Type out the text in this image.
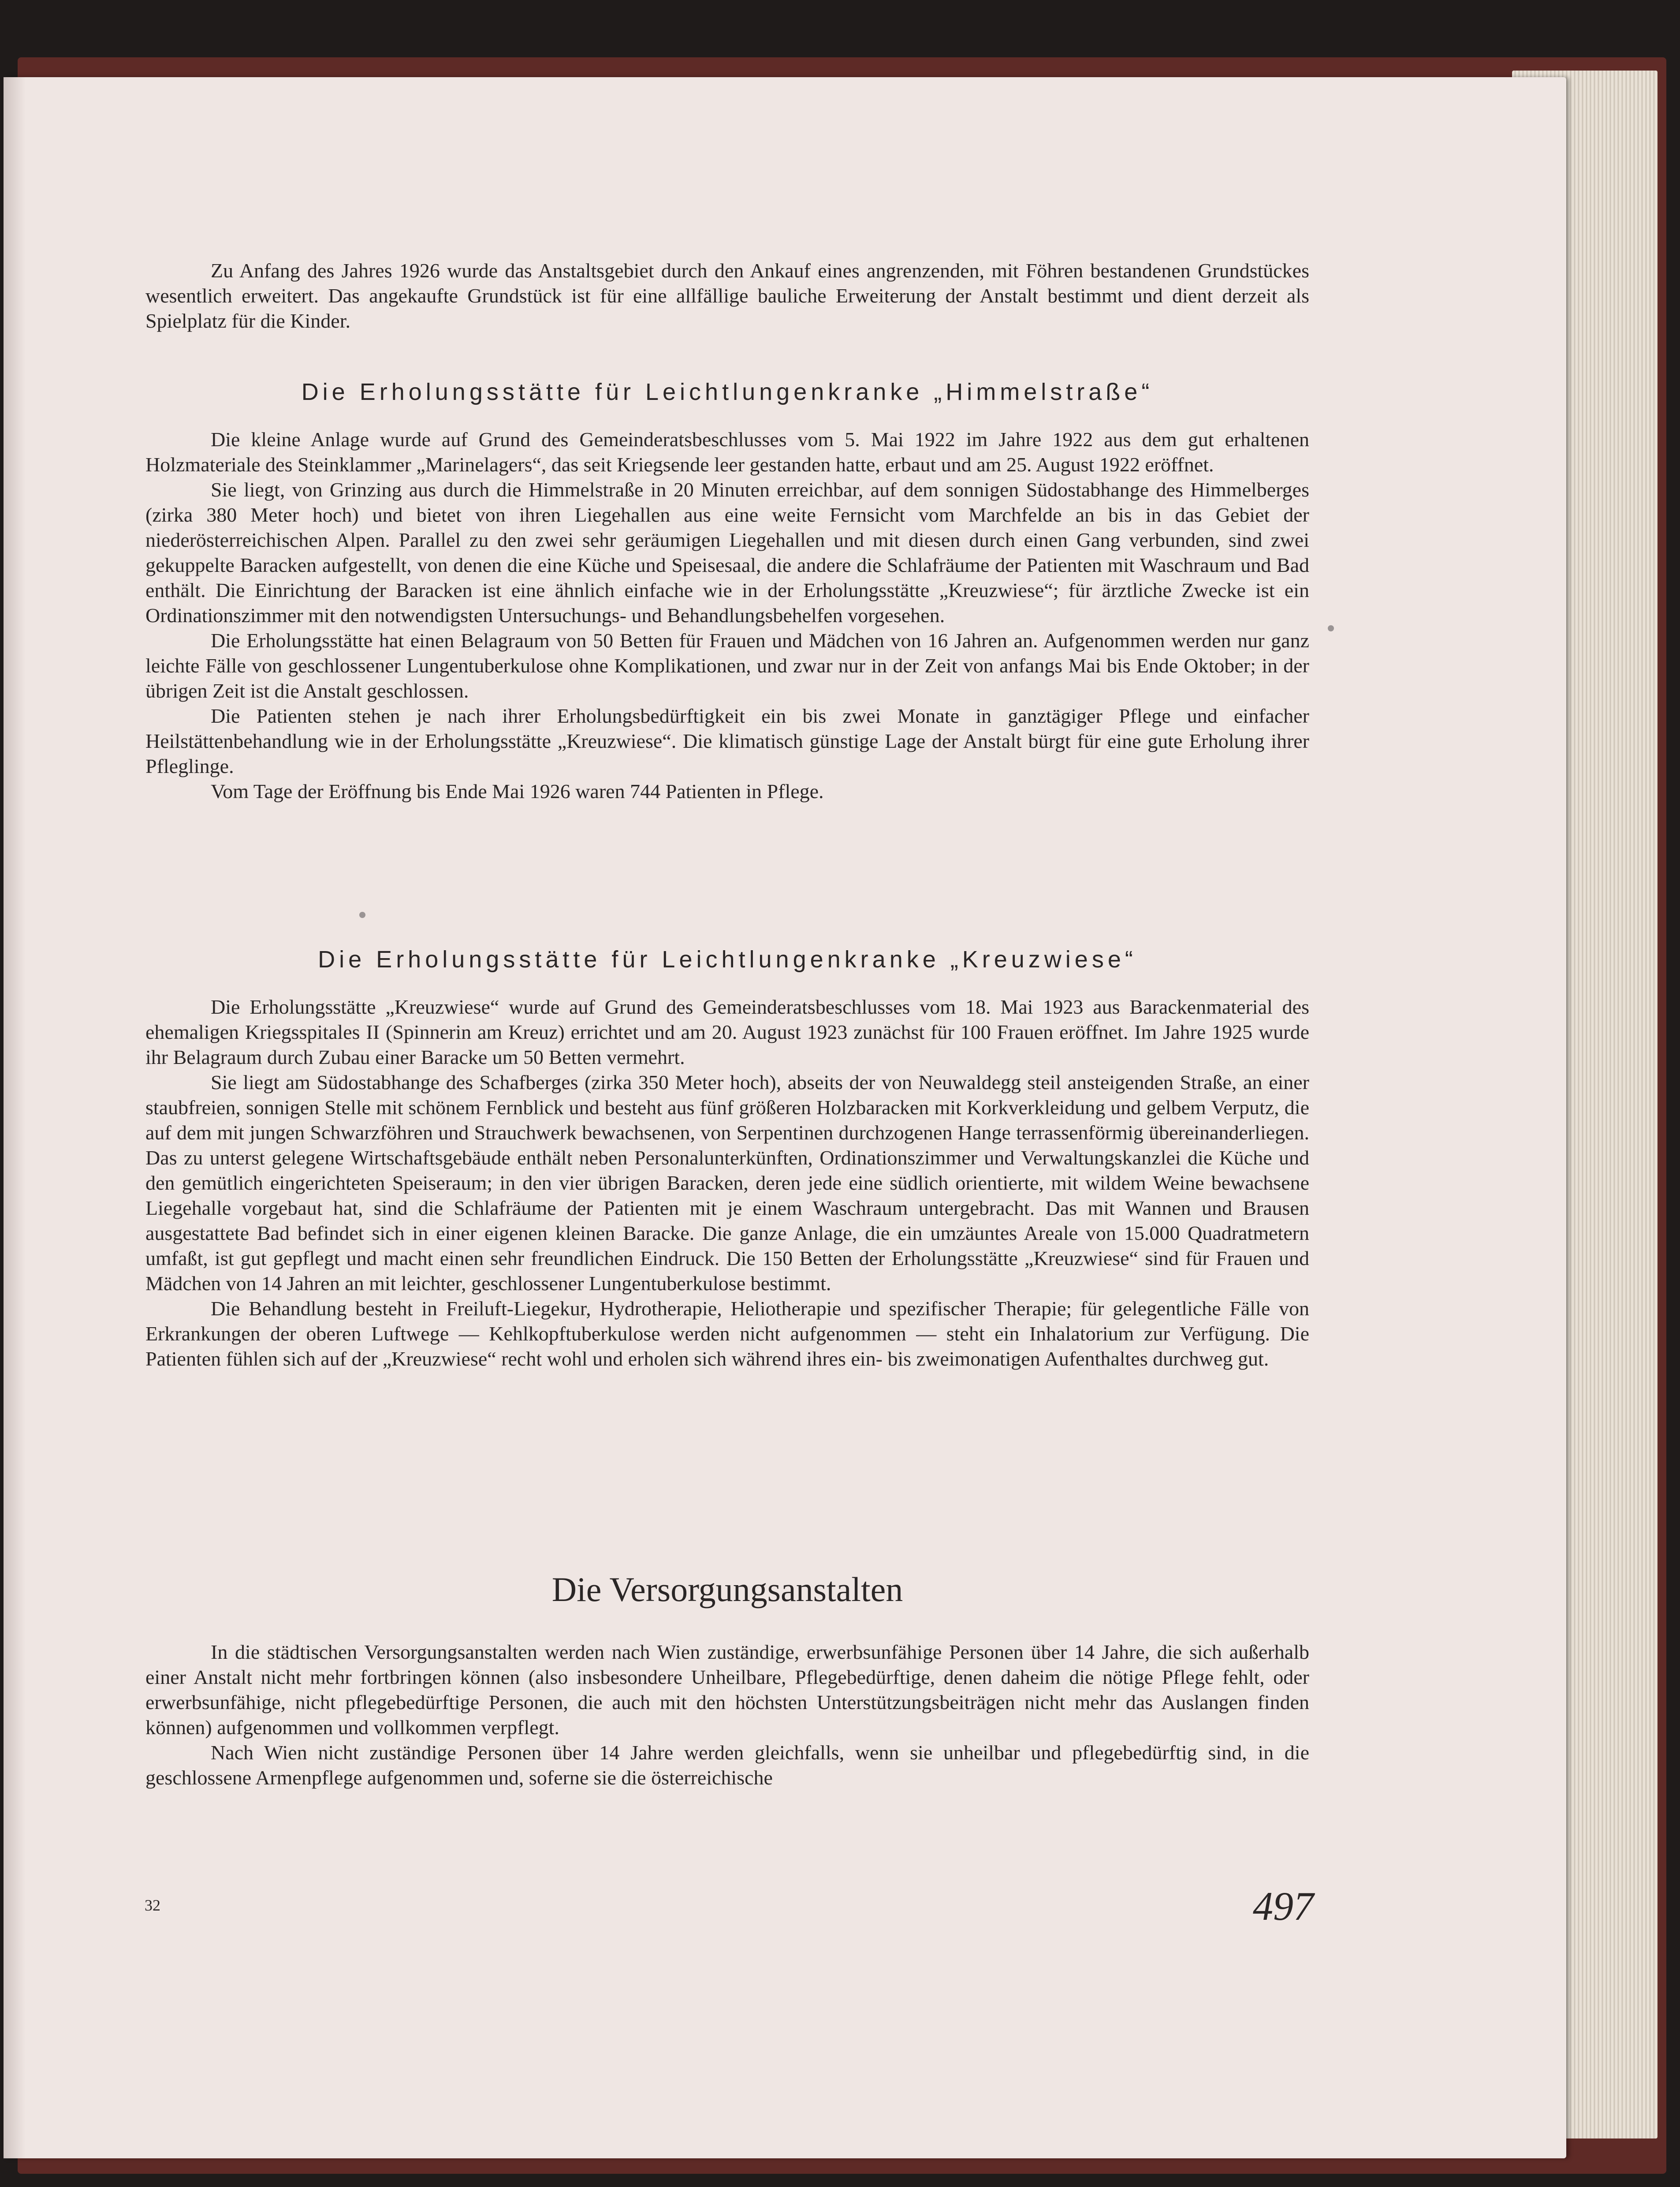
Zu Anfang des Jahres 1926 wurde das Anstaltsgebiet durch den Ankauf eines angrenzenden, mit Föhren bestandenen Grundstückes wesentlich erweitert. Das angekaufte Grundstück ist für eine allfällige bauliche Erweiterung der Anstalt bestimmt und dient derzeit als Spielplatz für die Kinder.

Die Erholungsstätte für Leichtlungenkranke „Himmelstraße“

Die kleine Anlage wurde auf Grund des Gemeinderatsbeschlusses vom 5. Mai 1922 im Jahre 1922 aus dem gut erhaltenen Holzmateriale des Steinklammer „Marinelagers“, das seit Kriegsende leer gestanden hatte, erbaut und am 25. August 1922 eröffnet.

Sie liegt, von Grinzing aus durch die Himmelstraße in 20 Minuten erreichbar, auf dem sonnigen Südostabhange des Himmelberges (zirka 380 Meter hoch) und bietet von ihren Liegehallen aus eine weite Fernsicht vom Marchfelde an bis in das Gebiet der niederösterreichischen Alpen. Parallel zu den zwei sehr geräumigen Liegehallen und mit diesen durch einen Gang verbunden, sind zwei gekuppelte Baracken aufgestellt, von denen die eine Küche und Speisesaal, die andere die Schlafräume der Patienten mit Waschraum und Bad enthält. Die Einrichtung der Baracken ist eine ähnlich einfache wie in der Erholungsstätte „Kreuzwiese“; für ärztliche Zwecke ist ein Ordinationszimmer mit den notwendigsten Untersuchungs- und Behandlungsbehelfen vorgesehen.

Die Erholungsstätte hat einen Belagraum von 50 Betten für Frauen und Mädchen von 16 Jahren an. Aufgenommen werden nur ganz leichte Fälle von geschlossener Lungentuberkulose ohne Komplikationen, und zwar nur in der Zeit von anfangs Mai bis Ende Oktober; in der übrigen Zeit ist die Anstalt geschlossen.

Die Patienten stehen je nach ihrer Erholungsbedürftigkeit ein bis zwei Monate in ganztägiger Pflege und einfacher Heilstättenbehandlung wie in der Erholungsstätte „Kreuzwiese“. Die klimatisch günstige Lage der Anstalt bürgt für eine gute Erholung ihrer Pfleglinge.

Vom Tage der Eröffnung bis Ende Mai 1926 waren 744 Patienten in Pflege.

Die Erholungsstätte für Leichtlungenkranke „Kreuzwiese“

Die Erholungsstätte „Kreuzwiese“ wurde auf Grund des Gemeinderatsbeschlusses vom 18. Mai 1923 aus Barackenmaterial des ehemaligen Kriegsspitales II (Spinnerin am Kreuz) errichtet und am 20. August 1923 zunächst für 100 Frauen eröffnet. Im Jahre 1925 wurde ihr Belagraum durch Zubau einer Baracke um 50 Betten vermehrt.

Sie liegt am Südostabhange des Schafberges (zirka 350 Meter hoch), abseits der von Neuwaldegg steil ansteigenden Straße, an einer staubfreien, sonnigen Stelle mit schönem Fernblick und besteht aus fünf größeren Holzbaracken mit Korkverkleidung und gelbem Verputz, die auf dem mit jungen Schwarzföhren und Strauchwerk bewachsenen, von Serpentinen durchzogenen Hange terrassenförmig übereinanderliegen. Das zu unterst gelegene Wirtschaftsgebäude enthält neben Personalunterkünften, Ordinationszimmer und Verwaltungskanzlei die Küche und den gemütlich eingerichteten Speiseraum; in den vier übrigen Baracken, deren jede eine südlich orientierte, mit wildem Weine bewachsene Liegehalle vorgebaut hat, sind die Schlafräume der Patienten mit je einem Waschraum untergebracht. Das mit Wannen und Brausen ausgestattete Bad befindet sich in einer eigenen kleinen Baracke. Die ganze Anlage, die ein umzäuntes Areale von 15.000 Quadratmetern umfaßt, ist gut gepflegt und macht einen sehr freundlichen Eindruck. Die 150 Betten der Erholungsstätte „Kreuzwiese“ sind für Frauen und Mädchen von 14 Jahren an mit leichter, geschlossener Lungentuberkulose bestimmt.

Die Behandlung besteht in Freiluft-Liegekur, Hydrotherapie, Heliotherapie und spezifischer Therapie; für gelegentliche Fälle von Erkrankungen der oberen Luftwege — Kehlkopftuberkulose werden nicht aufgenommen — steht ein Inhalatorium zur Verfügung. Die Patienten fühlen sich auf der „Kreuzwiese“ recht wohl und erholen sich während ihres ein- bis zweimonatigen Aufenthaltes durchweg gut.

Die Versorgungsanstalten

In die städtischen Versorgungsanstalten werden nach Wien zuständige, erwerbsunfähige Personen über 14 Jahre, die sich außerhalb einer Anstalt nicht mehr fortbringen können (also insbesondere Unheilbare, Pflegebedürftige, denen daheim die nötige Pflege fehlt, oder erwerbsunfähige, nicht pflegebedürftige Personen, die auch mit den höchsten Unterstützungsbeiträgen nicht mehr das Auslangen finden können) aufgenommen und vollkommen verpflegt.

Nach Wien nicht zuständige Personen über 14 Jahre werden gleichfalls, wenn sie unheilbar und pflegebedürftig sind, in die geschlossene Armenpflege aufgenommen und, soferne sie die österreichische

32	497
